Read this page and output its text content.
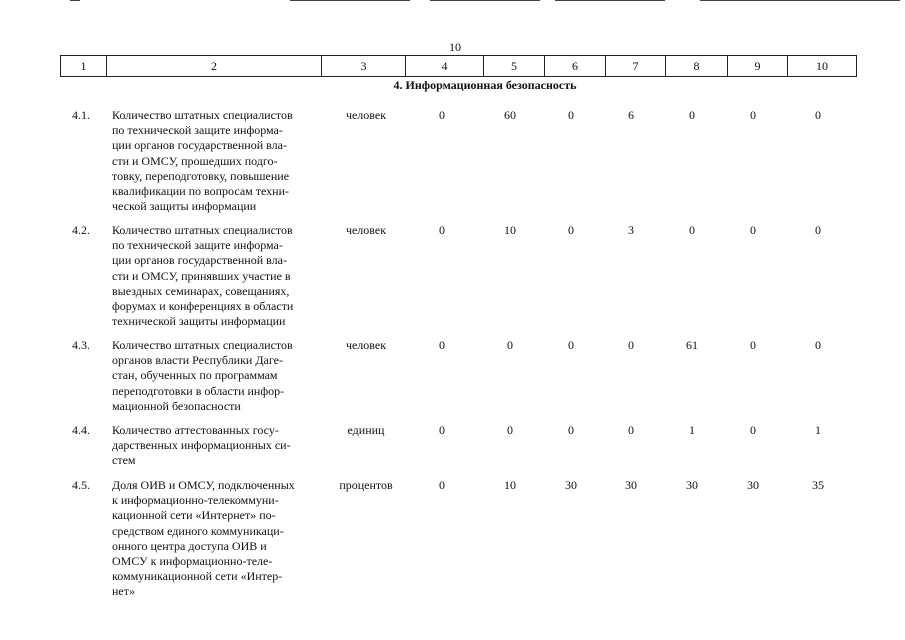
10
1	2	3	4	5	6	7	8	9	10
4. Информационная безопасность
4.1. Количество штатных специалистов
по технической защите информа-
ции органов государственной вла-
сти и ОМСУ, прошедших подго-
товку, переподготовку, повышение
квалификации по вопросам техни-
ческой защиты информации
человек	0	60	0	6	0	0	0
4.2. Количество штатных специалистов
по технической защите информа-
ции органов государственной вла-
сти и ОМСУ, принявших участие в
выездных семинарах, совещаниях,
форумах и конференциях в области
технической защиты информации
человек	0	10	0	3	0	0	0
4.3. Количество штатных специалистов
органов власти Республики Даге-
стан, обученных по программам
переподготовки в области инфор-
мационной безопасности
человек	0	0	0	0	61	0	0
4.4. Количество аттестованных госу-
дарственных информационных си-
стем
единиц	0	0	0	0	1	0	1
4.5. Доля ОИВ и ОМСУ, подключенных
к информационно-телекоммуни-
кационной сети «Интернет» по-
средством единого коммуникаци-
онного центра доступа ОИВ и
ОМСУ к информационно-теле-
коммуникационной сети «Интер-
нет»
процентов	0	10	30	30	30	30	35
